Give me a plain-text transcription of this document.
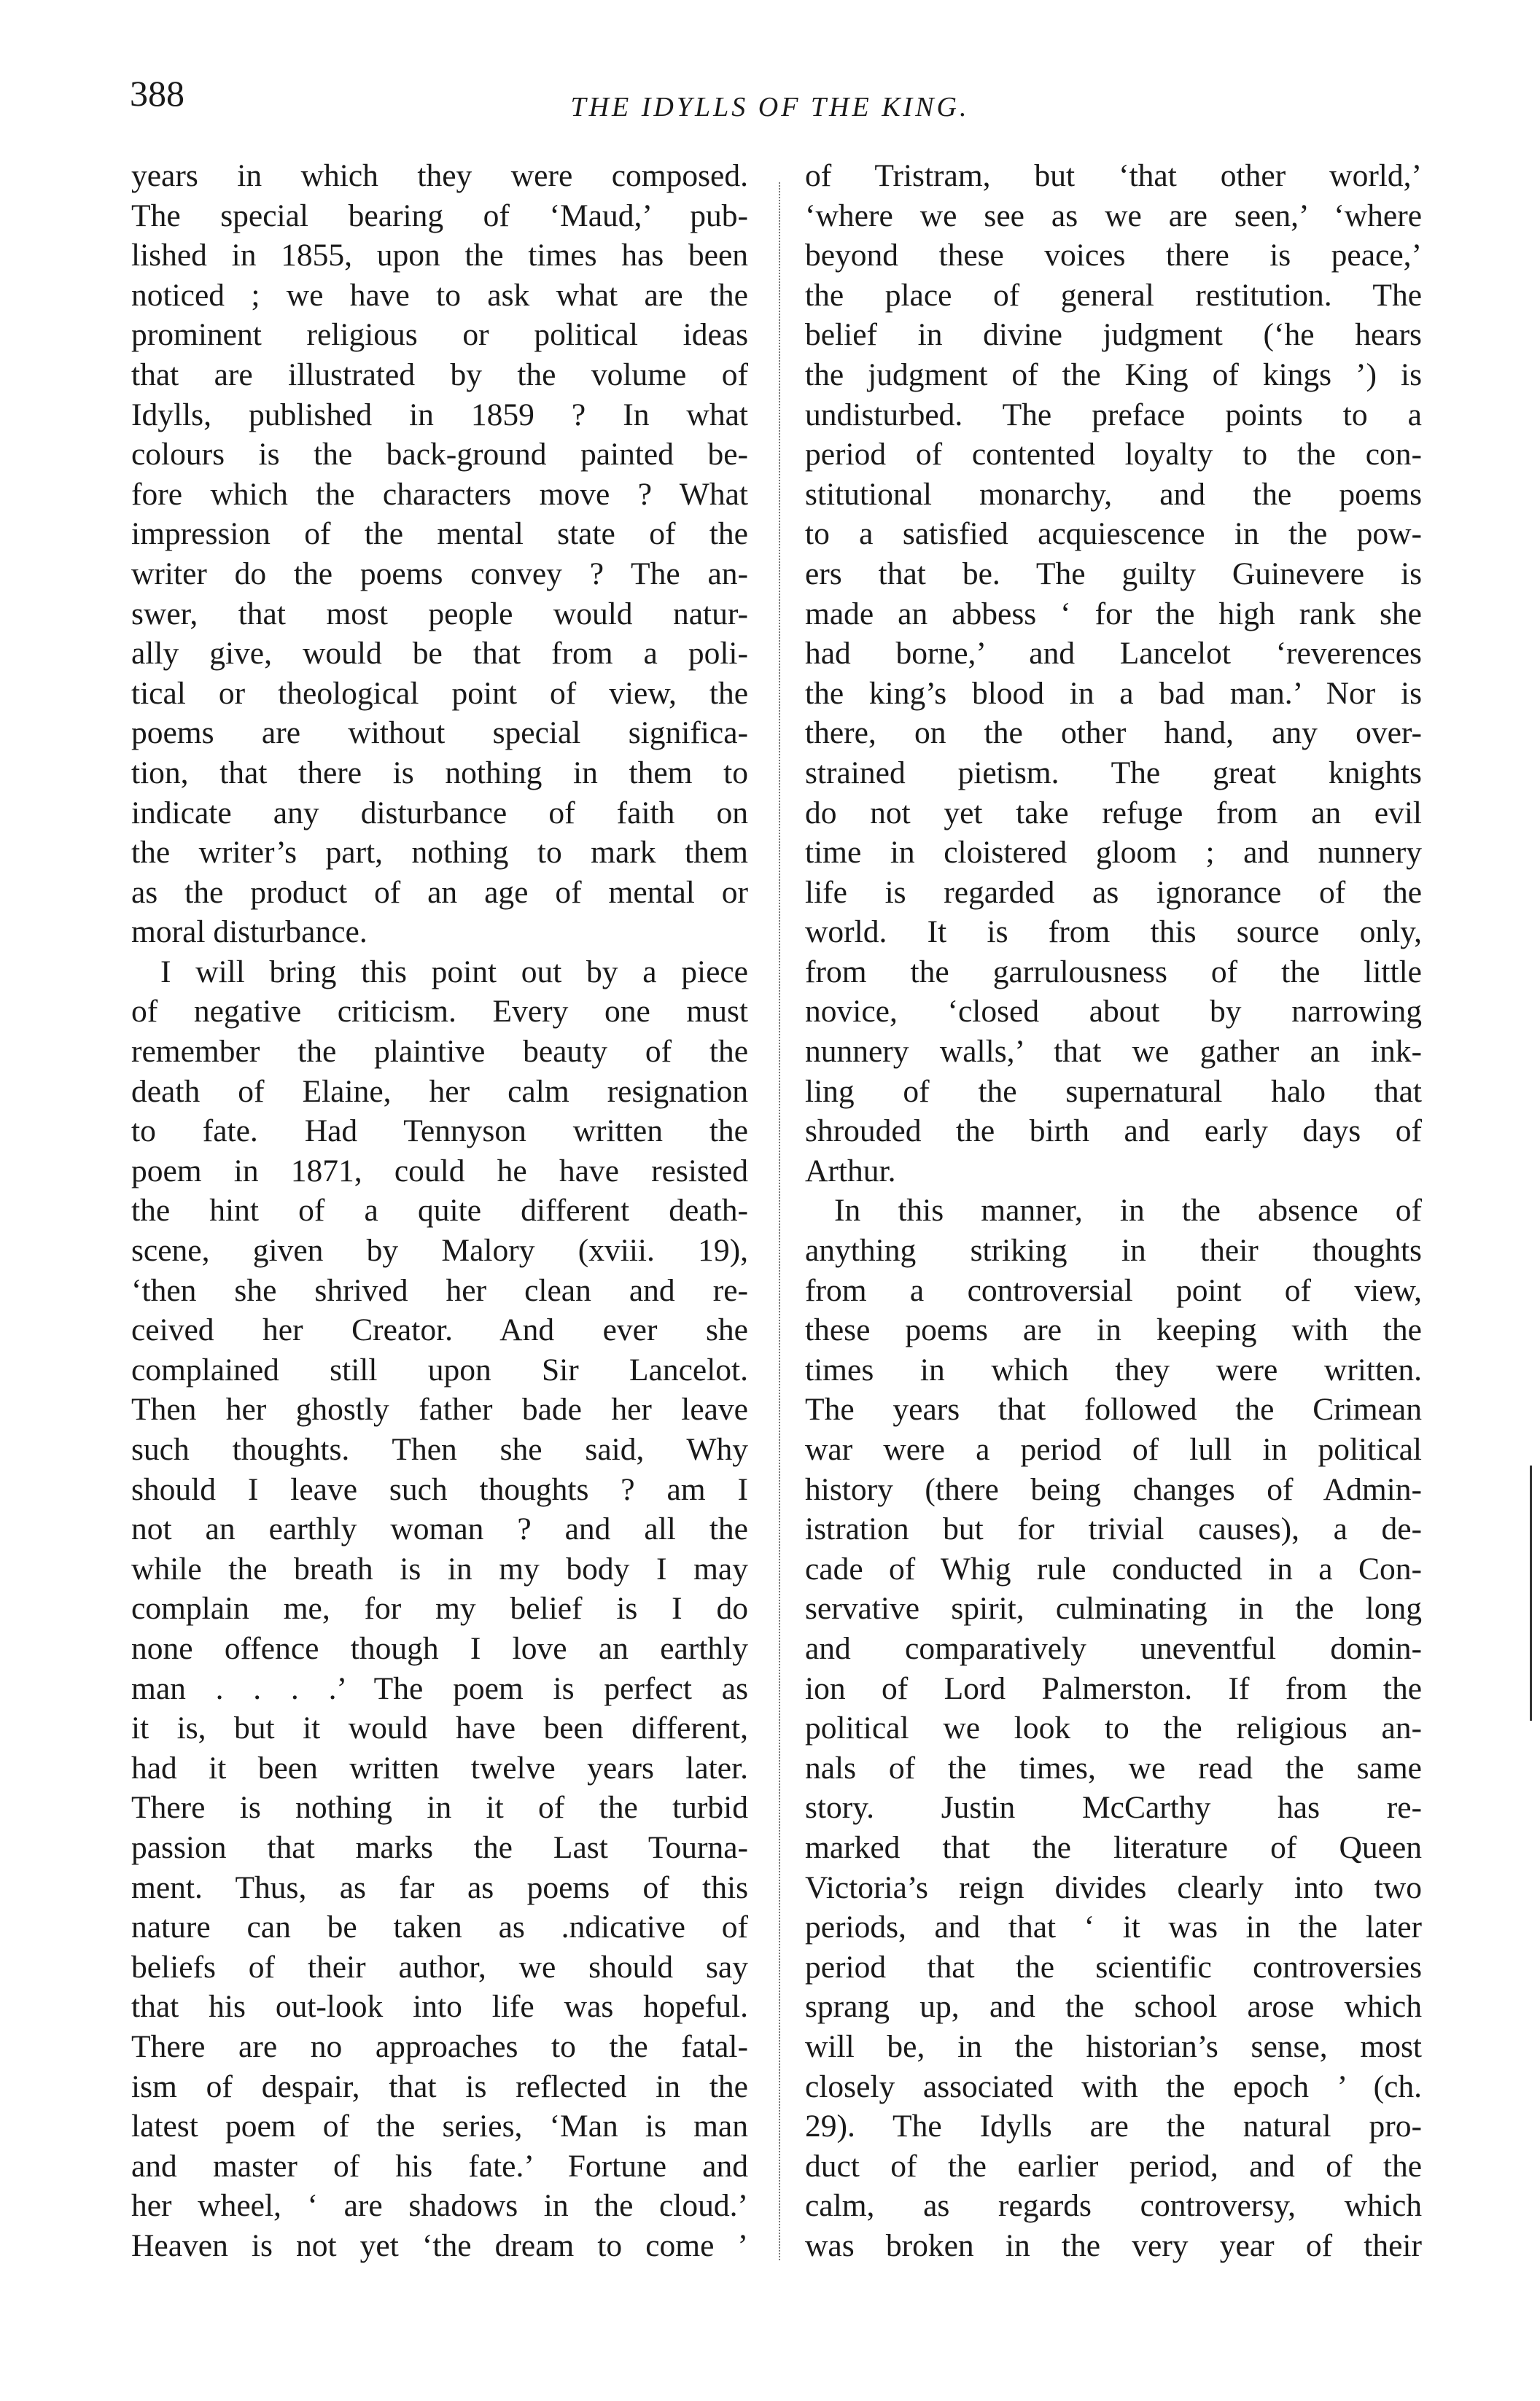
388	THE IDYLLS OF THE KING.
years in which they were composed.
The special bearing of ‘Maud,’ pub-
lished in 1855, upon the times has been
noticed ; we have to ask what are the
prominent religious or political ideas
that are illustrated by the volume of
Idylls, published in 1859 ? In what
colours is the back-ground painted be-
fore which the characters move ? What
impression of the mental state of the
writer do the poems convey ? The an-
swer, that most people would natur-
ally give, would be that from a poli-
tical or theological point of view, the
poems are without special significa-
tion, that there is nothing in them to
indicate any disturbance of faith on
the writer’s part, nothing to mark them
as the product of an age of mental or
moral disturbance.
I will bring this point out by a piece
of negative criticism. Every one must
remember the plaintive beauty of the
death of Elaine, her calm resignation
to fate. Had Tennyson written the
poem in 1871, could he have resisted
the hint of a quite different death-
scene, given by Malory (xviii. 19),
‘then she shrived her clean and re-
ceived her Creator. And ever she
complained still upon Sir Lancelot.
Then her ghostly father bade her leave
such thoughts. Then she said, Why
should I leave such thoughts ? am I
not an earthly woman ? and all the
while the breath is in my body I may
complain me, for my belief is I do
none offence though I love an earthly
man . . . .’ The poem is perfect as
it is, but it would have been different,
had it been written twelve years later.
There is nothing in it of the turbid
passion that marks the Last Tourna-
ment. Thus, as far as poems of this
nature can be taken as .ndicative of
beliefs of their author, we should say
that his out-look into life was hopeful.
There are no approaches to the fatal-
ism of despair, that is reflected in the
latest poem of the series, ‘Man is man
and master of his fate.’ Fortune and
her wheel, ‘ are shadows in the cloud.’
Heaven is not yet ‘the dream to come ’
of Tristram, but ‘that other world,’
‘where we see as we are seen,’ ‘where
beyond these voices there is peace,’
the place of general restitution. The
belief in divine judgment (‘he hears
the judgment of the King of kings ’) is
undisturbed. The preface points to a
period of contented loyalty to the con-
stitutional monarchy, and the poems
to a satisfied acquiescence in the pow-
ers that be. The guilty Guinevere is
made an abbess ‘ for the high rank she
had borne,’ and Lancelot ‘reverences
the king’s blood in a bad man.’ Nor is
there, on the other hand, any over-
strained pietism. The great knights
do not yet take refuge from an evil
time in cloistered gloom ; and nunnery
life is regarded as ignorance of the
world. It is from this source only,
from the garrulousness of the little
novice, ‘closed about by narrowing
nunnery walls,’ that we gather an ink-
ling of the supernatural halo that
shrouded the birth and early days of
Arthur.
In this manner, in the absence of
anything striking in their thoughts
from a controversial point of view,
these poems are in keeping with the
times in which they were written.
The years that followed the Crimean
war were a period of lull in political
history (there being changes of Admin-
istration but for trivial causes), a de-
cade of Whig rule conducted in a Con-
servative spirit, culminating in the long
and comparatively uneventful domin-
ion of Lord Palmerston. If from the
political we look to the religious an-
nals of the times, we read the same
story. Justin McCarthy has re-
marked that the literature of Queen
Victoria’s reign divides clearly into two
periods, and that ‘ it was in the later
period that the scientific controversies
sprang up, and the school arose which
will be, in the historian’s sense, most
closely associated with the epoch ’ (ch.
29). The Idylls are the natural pro-
duct of the earlier period, and of the
calm, as regards controversy, which
was broken in the very year of their
